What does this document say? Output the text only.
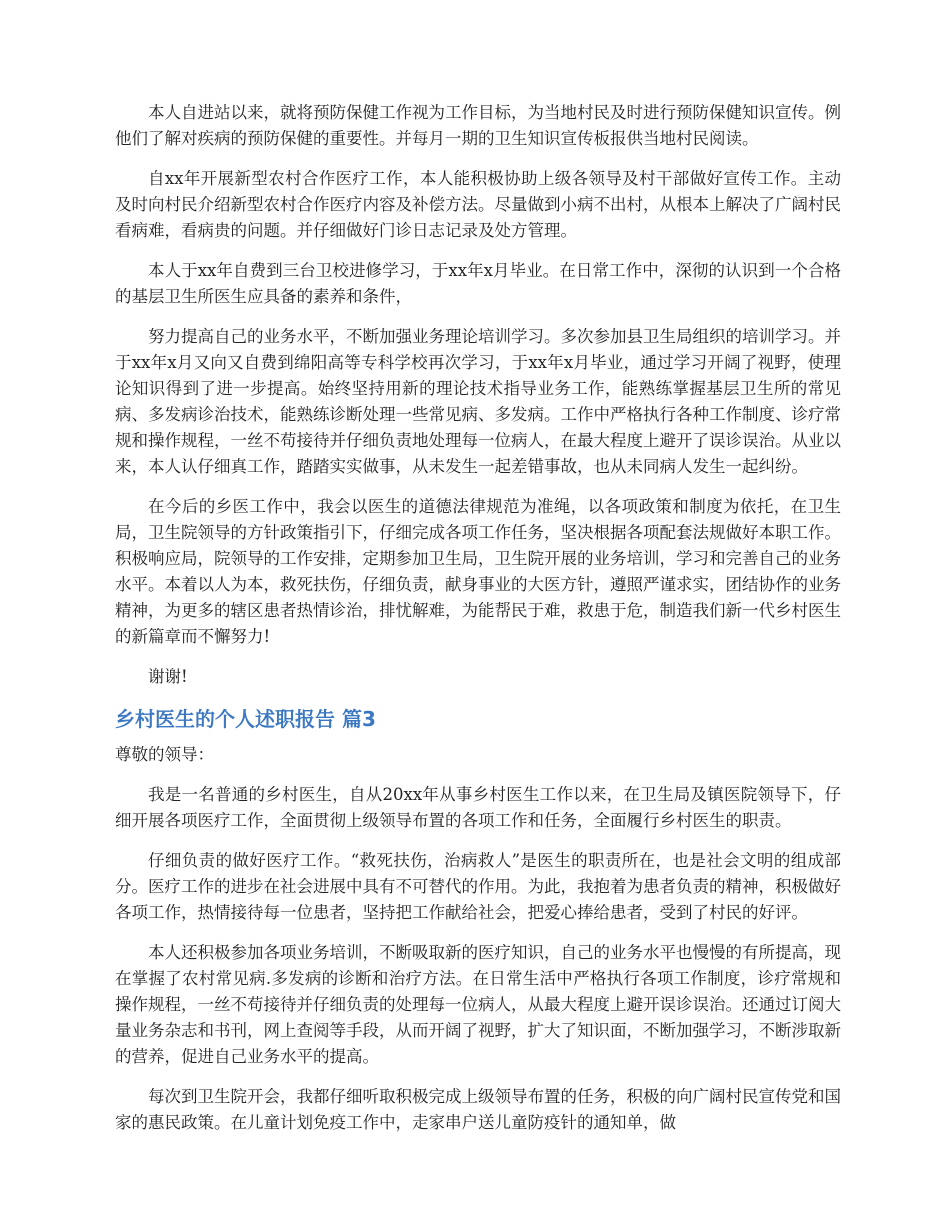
本人自进站以来，就将预防保健工作视为工作目标，为当地村民及时进行预防保健知识宣传。例他们了解对疾病的预防保健的重要性。并每月一期的卫生知识宣传板报供当地村民阅读。

自xx年开展新型农村合作医疗工作，本人能积极协助上级各领导及村干部做好宣传工作。主动及时向村民介绍新型农村合作医疗内容及补偿方法。尽量做到小病不出村，从根本上解决了广阔村民看病难，看病贵的问题。并仔细做好门诊日志记录及处方管理。

本人于xx年自费到三台卫校进修学习，于xx年x月毕业。在日常工作中，深彻的认识到一个合格的基层卫生所医生应具备的素养和条件，

努力提高自己的业务水平，不断加强业务理论培训学习。多次参加县卫生局组织的培训学习。并于xx年x月又向又自费到绵阳高等专科学校再次学习，于xx年x月毕业，通过学习开阔了视野，使理论知识得到了进一步提高。始终坚持用新的理论技术指导业务工作，能熟练掌握基层卫生所的常见病、多发病诊治技术，能熟练诊断处理一些常见病、多发病。工作中严格执行各种工作制度、诊疗常规和操作规程，一丝不苟接待并仔细负责地处理每一位病人，在最大程度上避开了误诊误治。从业以来，本人认仔细真工作，踏踏实实做事，从未发生一起差错事故，也从未同病人发生一起纠纷。

在今后的乡医工作中，我会以医生的道德法律规范为准绳，以各项政策和制度为依托，在卫生局，卫生院领导的方针政策指引下，仔细完成各项工作任务，坚决根据各项配套法规做好本职工作。积极响应局，院领导的工作安排，定期参加卫生局，卫生院开展的业务培训，学习和完善自己的业务水平。本着以人为本，救死扶伤，仔细负责，献身事业的大医方针，遵照严谨求实，团结协作的业务精神，为更多的辖区患者热情诊治，排忧解难，为能帮民于难，救患于危，制造我们新一代乡村医生的新篇章而不懈努力!

谢谢!

乡村医生的个人述职报告 篇3

尊敬的领导：

我是一名普通的乡村医生，自从20xx年从事乡村医生工作以来，在卫生局及镇医院领导下，仔细开展各项医疗工作，全面贯彻上级领导布置的各项工作和任务，全面履行乡村医生的职责。

仔细负责的做好医疗工作。“救死扶伤，治病救人”是医生的职责所在，也是社会文明的组成部分。医疗工作的进步在社会进展中具有不可替代的作用。为此，我抱着为患者负责的精神，积极做好各项工作，热情接待每一位患者，坚持把工作献给社会，把爱心捧给患者，受到了村民的好评。

本人还积极参加各项业务培训，不断吸取新的医疗知识，自己的业务水平也慢慢的有所提高，现在掌握了农村常见病.多发病的诊断和治疗方法。在日常生活中严格执行各项工作制度，诊疗常规和操作规程，一丝不苟接待并仔细负责的处理每一位病人，从最大程度上避开误诊误治。还通过订阅大量业务杂志和书刊，网上查阅等手段，从而开阔了视野，扩大了知识面，不断加强学习，不断涉取新的营养，促进自己业务水平的提高。

每次到卫生院开会，我都仔细听取积极完成上级领导布置的任务，积极的向广阔村民宣传党和国家的惠民政策。在儿童计划免疫工作中，走家串户送儿童防疫针的通知单，做
